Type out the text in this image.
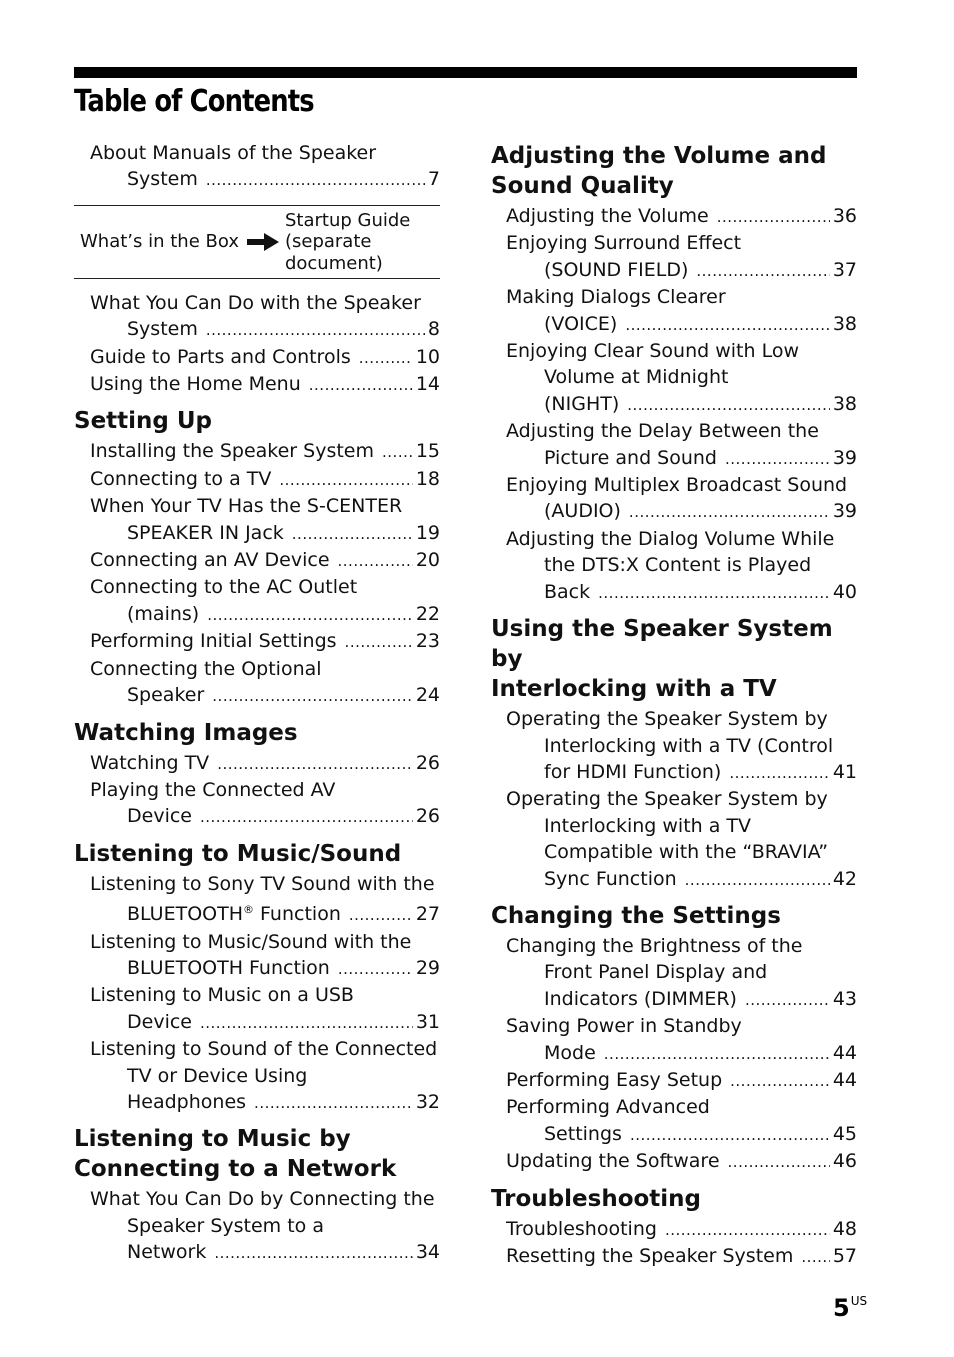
Table of Contents
About Manuals of the Speaker
System .....	7
What’s in the Box
Startup Guide
(separate
document)
What You Can Do with the Speaker
System .....	8
Guide to Parts and Controls .....	10
Using the Home Menu .....	14
Setting Up
Installing the Speaker System ..... 15
Connecting to a TV .....	18
When Your TV Has the S-CENTER
SPEAKER IN Jack .....	19
Connecting an AV Device .....	20
Connecting to the AC Outlet
(mains) .....	22
Performing Initial Settings .....	23
Connecting the Optional
Speaker .....	24
Watching Images
Watching TV .....	26
Playing the Connected AV
Device .....	26
Listening to Music/Sound
Listening to Sony TV Sound with the
BLUETOOTH® Function .....	27
Listening to Music/Sound with the
BLUETOOTH Function .....	29
Listening to Music on a USB
Device .....	31
Listening to Sound of the Connected
TV or Device Using
Headphones .....	32
Listening to Music by
Connecting to a Network
What You Can Do by Connecting the
Speaker System to a
Network .....	34
Adjusting the Volume and
Sound Quality
Adjusting the Volume .....	36
Enjoying Surround Effect
(SOUND FIELD) .....	37
Making Dialogs Clearer
(VOICE) .....	38
Enjoying Clear Sound with Low
Volume at Midnight
(NIGHT) .....	38
Adjusting the Delay Between the
Picture and Sound .....	39
Enjoying Multiplex Broadcast Sound
(AUDIO) .....	39
Adjusting the Dialog Volume While
the DTS:X Content is Played
Back .....	40
Using the Speaker System by
Interlocking with a TV
Operating the Speaker System by
Interlocking with a TV (Control
for HDMI Function) .....	41
Operating the Speaker System by
Interlocking with a TV
Compatible with the “BRAVIA”
Sync Function .....	42
Changing the Settings
Changing the Brightness of the
Front Panel Display and
Indicators (DIMMER) .....	43
Saving Power in Standby
Mode .....	44
Performing Easy Setup .....	44
Performing Advanced
Settings .....	45
Updating the Software .....	46
Troubleshooting
Troubleshooting .....	48
Resetting the Speaker System ..... 57
$5^{US}$
